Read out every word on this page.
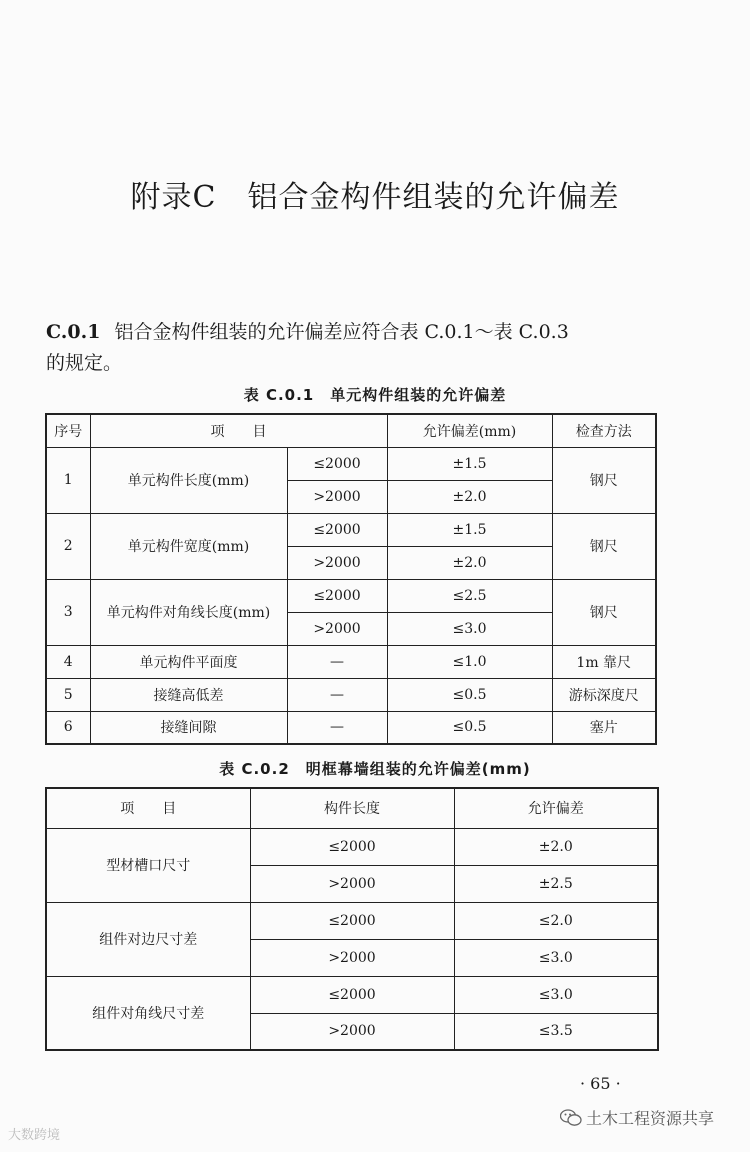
附录C　铝合金构件组装的允许偏差
C.0.1 铝合金构件组装的允许偏差应符合表 C.0.1～表 C.0.3
的规定。
表 C.0.1　单元构件组装的允许偏差
序号	项　　目		允许偏差(mm)	检查方法
1	单元构件长度(mm)	≤2000	±1.5	钢尺
		>2000	±2.0	
2	单元构件宽度(mm)	≤2000	±1.5	钢尺
		>2000	±2.0	
3	单元构件对角线长度(mm)	≤2000	≤2.5	钢尺
		>2000	≤3.0	
4	单元构件平面度	—	≤1.0	1m 靠尺
5	接缝高低差	—	≤0.5	游标深度尺
6	接缝间隙	—	≤0.5	塞片
表 C.0.2　明框幕墙组装的允许偏差(mm)
项　　目	构件长度	允许偏差
型材槽口尺寸	≤2000	±2.0
	>2000	±2.5
组件对边尺寸差	≤2000	≤2.0
	>2000	≤3.0
组件对角线尺寸差	≤2000	≤3.0
	>2000	≤3.5
· 65 ·
土木工程资源共享
大数跨境
